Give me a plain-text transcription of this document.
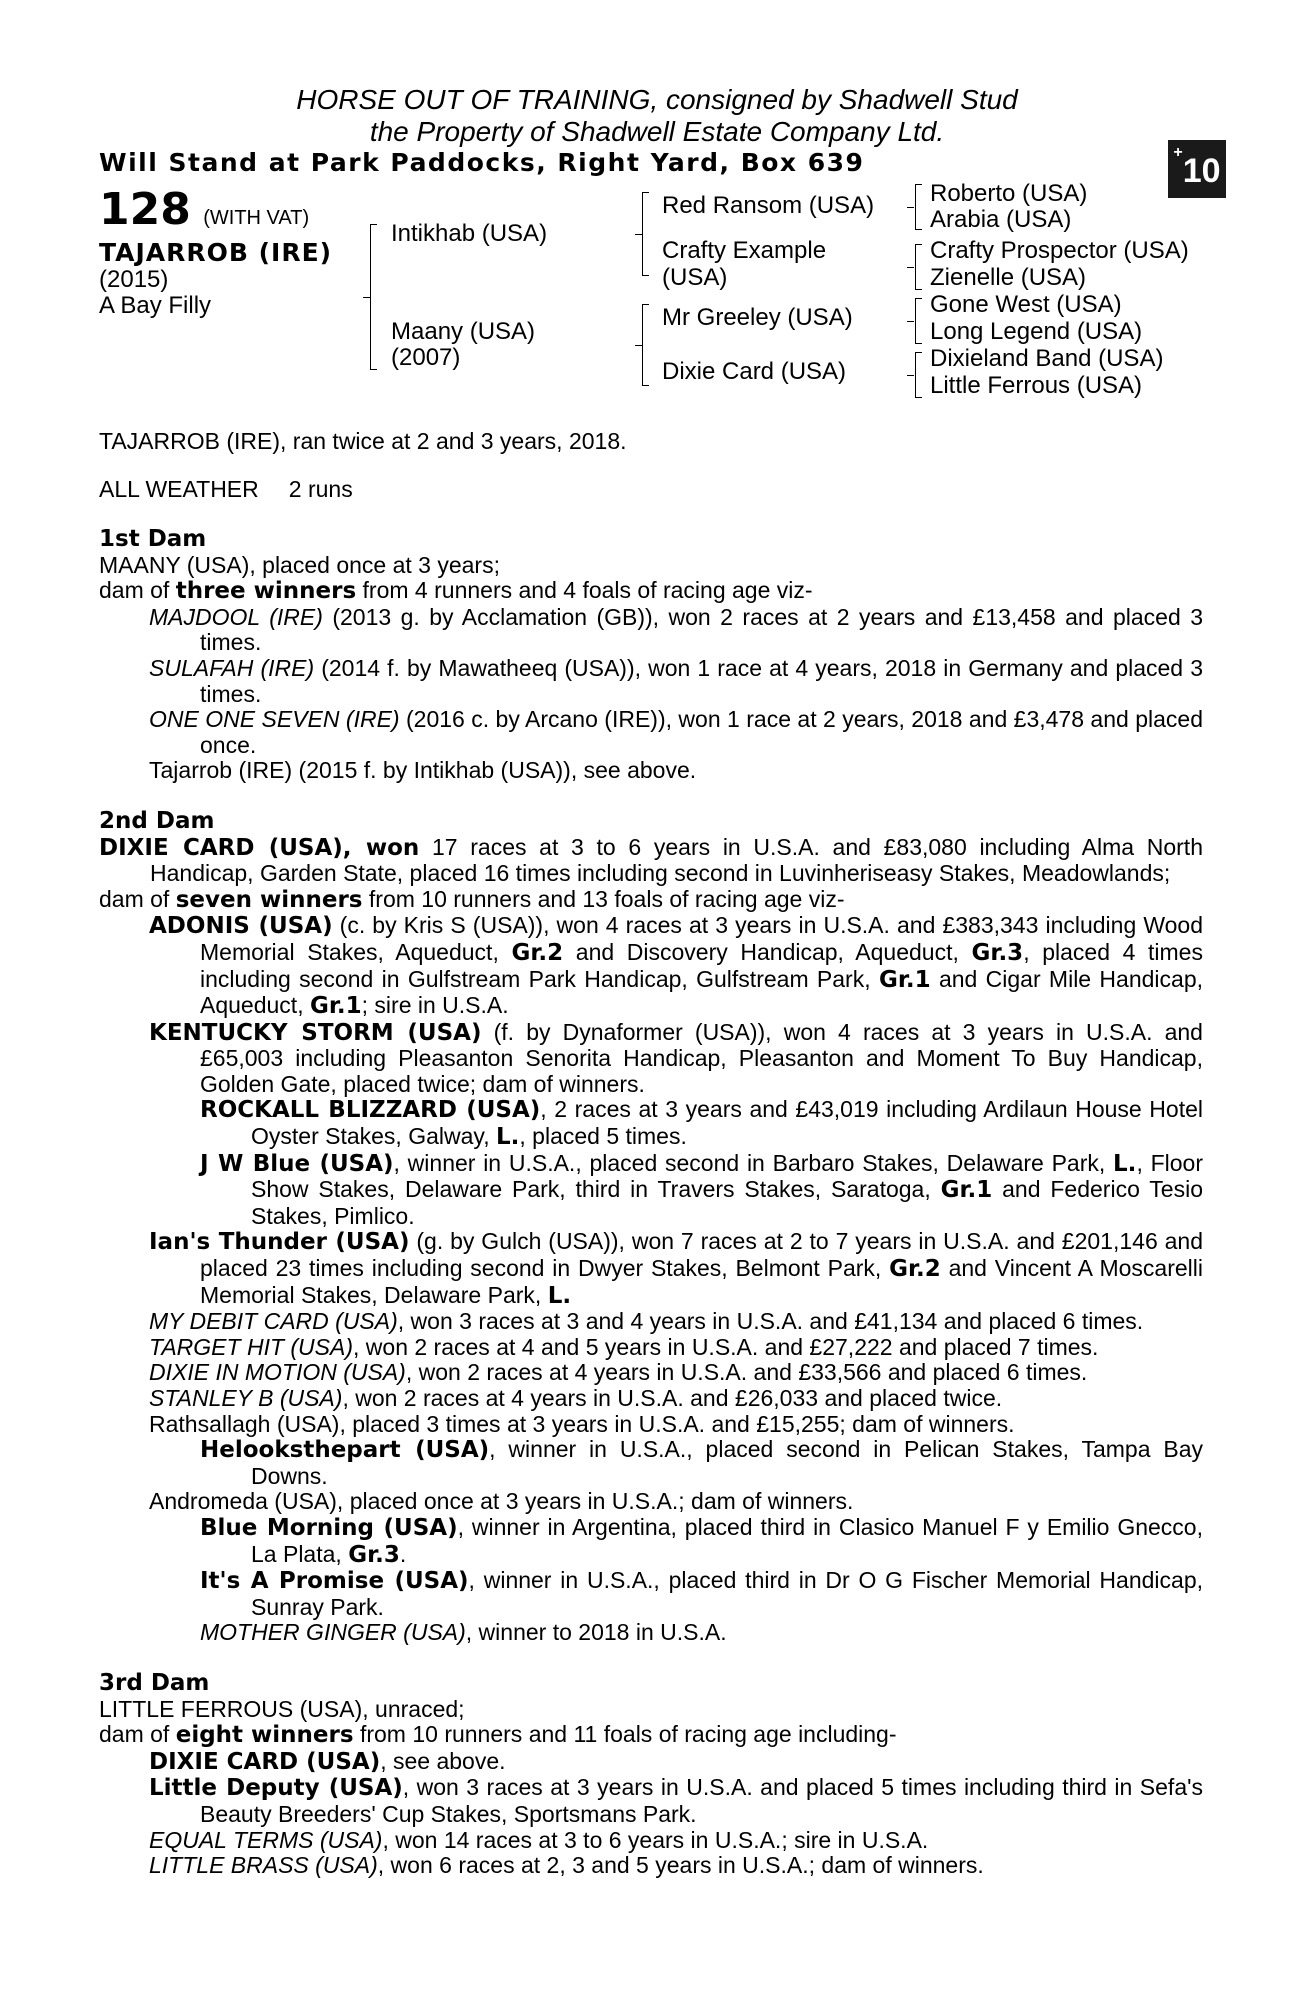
HORSE OUT OF TRAINING, consigned by Shadwell Stud
the Property of Shadwell Estate Company Ltd.
Will Stand at Park Paddocks, Right Yard, Box 639	+10
128 (WITH VAT)
TAJARROB (IRE)
(2015)
A Bay Filly
Intikhab (USA)
Maany (USA)
(2007)
Red Ransom (USA)
Crafty Example
(USA)
Mr Greeley (USA)
Dixie Card (USA)
Roberto (USA)
Arabia (USA)
Crafty Prospector (USA)
Zienelle (USA)
Gone West (USA)
Long Legend (USA)
Dixieland Band (USA)
Little Ferrous (USA)
TAJARROB (IRE), ran twice at 2 and 3 years, 2018.
ALL WEATHER 2 runs

1st Dam

MAANY (USA), placed once at 3 years;

dam of three winners from 4 runners and 4 foals of racing age viz-

MAJDOOL (IRE) (2013 g. by Acclamation (GB)), won 2 races at 2 years and £13,458 and placed 3 times.

SULAFAH (IRE) (2014 f. by Mawatheeq (USA)), won 1 race at 4 years, 2018 in Germany and placed 3 times.

ONE ONE SEVEN (IRE) (2016 c. by Arcano (IRE)), won 1 race at 2 years, 2018 and £3,478 and placed once.

Tajarrob (IRE) (2015 f. by Intikhab (USA)), see above.

2nd Dam

DIXIE CARD (USA), won 17 races at 3 to 6 years in U.S.A. and £83,080 including Alma North Handicap, Garden State, placed 16 times including second in Luvinheriseasy Stakes, Meadowlands;

dam of seven winners from 10 runners and 13 foals of racing age viz-

ADONIS (USA) (c. by Kris S (USA)), won 4 races at 3 years in U.S.A. and £383,343 including Wood Memorial Stakes, Aqueduct, Gr.2 and Discovery Handicap, Aqueduct, Gr.3, placed 4 times including second in Gulfstream Park Handicap, Gulfstream Park, Gr.1 and Cigar Mile Handicap, Aqueduct, Gr.1; sire in U.S.A.

KENTUCKY STORM (USA) (f. by Dynaformer (USA)), won 4 races at 3 years in U.S.A. and £65,003 including Pleasanton Senorita Handicap, Pleasanton and Moment To Buy Handicap, Golden Gate, placed twice; dam of winners.

ROCKALL BLIZZARD (USA), 2 races at 3 years and £43,019 including Ardilaun House Hotel Oyster Stakes, Galway, L., placed 5 times.

J W Blue (USA), winner in U.S.A., placed second in Barbaro Stakes, Delaware Park, L., Floor Show Stakes, Delaware Park, third in Travers Stakes, Saratoga, Gr.1 and Federico Tesio Stakes, Pimlico.

Ian's Thunder (USA) (g. by Gulch (USA)), won 7 races at 2 to 7 years in U.S.A. and £201,146 and placed 23 times including second in Dwyer Stakes, Belmont Park, Gr.2 and Vincent A Moscarelli Memorial Stakes, Delaware Park, L.

MY DEBIT CARD (USA), won 3 races at 3 and 4 years in U.S.A. and £41,134 and placed 6 times.

TARGET HIT (USA), won 2 races at 4 and 5 years in U.S.A. and £27,222 and placed 7 times.

DIXIE IN MOTION (USA), won 2 races at 4 years in U.S.A. and £33,566 and placed 6 times.

STANLEY B (USA), won 2 races at 4 years in U.S.A. and £26,033 and placed twice.

Rathsallagh (USA), placed 3 times at 3 years in U.S.A. and £15,255; dam of winners.

Helooksthepart (USA), winner in U.S.A., placed second in Pelican Stakes, Tampa Bay Downs.

Andromeda (USA), placed once at 3 years in U.S.A.; dam of winners.

Blue Morning (USA), winner in Argentina, placed third in Clasico Manuel F y Emilio Gnecco, La Plata, Gr.3.

It's A Promise (USA), winner in U.S.A., placed third in Dr O G Fischer Memorial Handicap, Sunray Park.

MOTHER GINGER (USA), winner to 2018 in U.S.A.

3rd Dam

LITTLE FERROUS (USA), unraced;

dam of eight winners from 10 runners and 11 foals of racing age including-

DIXIE CARD (USA), see above.

Little Deputy (USA), won 3 races at 3 years in U.S.A. and placed 5 times including third in Sefa's Beauty Breeders' Cup Stakes, Sportsmans Park.

EQUAL TERMS (USA), won 14 races at 3 to 6 years in U.S.A.; sire in U.S.A.

LITTLE BRASS (USA), won 6 races at 2, 3 and 5 years in U.S.A.; dam of winners.
